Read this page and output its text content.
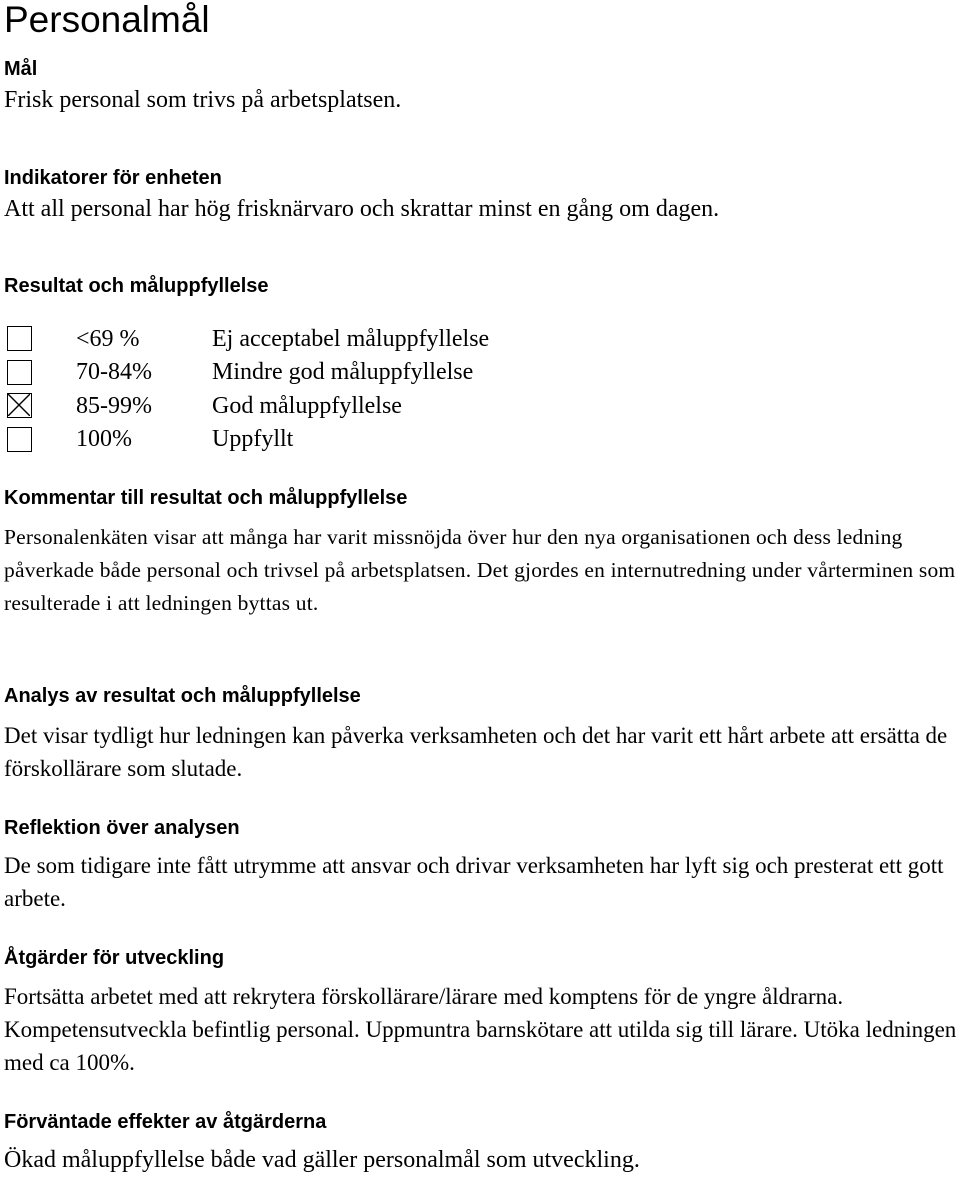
Personalmål
Mål
Frisk personal som trivs på arbetsplatsen.
Indikatorer för enheten
Att all personal har hög frisknärvaro och skrattar minst en gång om dagen.
Resultat och måluppfyllelse
<69 %	Ej acceptabel måluppfyllelse
70-84%	Mindre god måluppfyllelse
85-99%	God måluppfyllelse
100%	Uppfyllt
Kommentar till resultat och måluppfyllelse
Personalenkäten visar att många har varit missnöjda över hur den nya organisationen och dess ledning påverkade både personal och trivsel på arbetsplatsen. Det gjordes en internutredning under vårterminen som resulterade i att ledningen byttas ut.
Analys av resultat och måluppfyllelse
Det visar tydligt hur ledningen kan påverka verksamheten och det har varit ett hårt arbete att ersätta de förskollärare som slutade.
Reflektion över analysen
De som tidigare inte fått utrymme att ansvar och drivar verksamheten har lyft sig och presterat ett gott arbete.
Åtgärder för utveckling
Fortsätta arbetet med att rekrytera förskollärare/lärare med komptens för de yngre åldrarna. Kompetensutveckla befintlig personal. Uppmuntra barnskötare att utilda sig till lärare. Utöka ledningen med ca 100%.
Förväntade effekter av åtgärderna
Ökad måluppfyllelse både vad gäller personalmål som utveckling.
